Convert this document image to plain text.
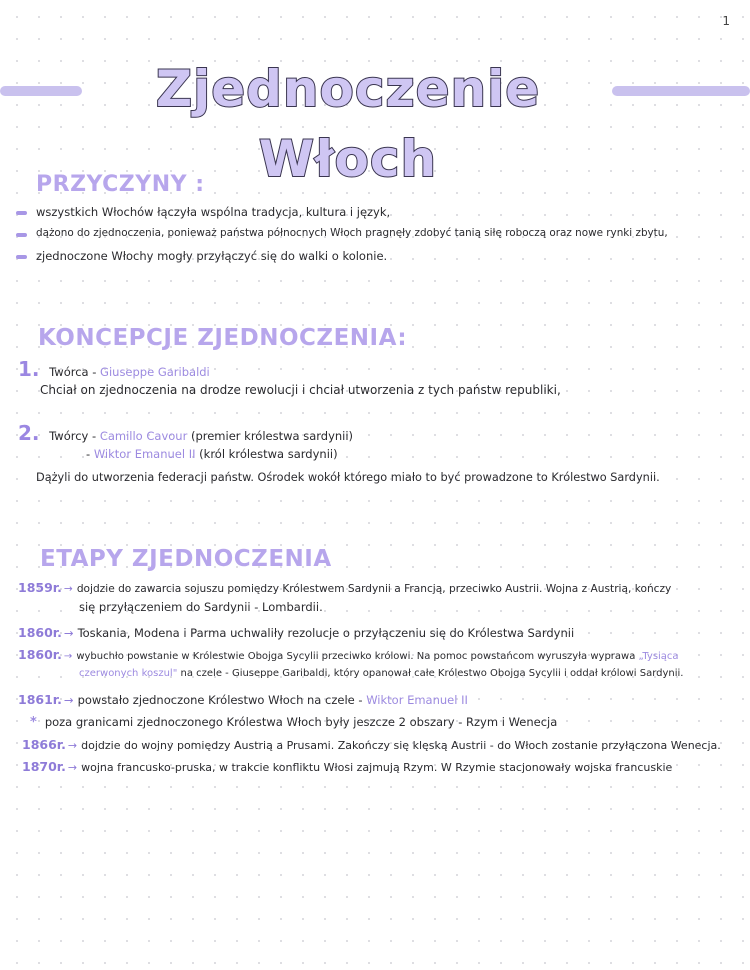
1
Zjednoczenie Włoch
PRZYCZYNY :
wszystkich Włochów łączyła wspólna tradycja, kultura i język,
dążono do zjednoczenia, ponieważ państwa północnych Włoch pragnęły zdobyć tanią siłę roboczą oraz nowe rynki zbytu,
zjednoczone Włochy mogły przyłączyć się do walki o kolonie.
KONCEPCJE ZJEDNOCZENIA:
1. Twórca - Giuseppe Garibaldi
Chciał on zjednoczenia na drodze rewolucji i chciał utworzenia z tych państw republiki,
2. Twórcy - Camillo Cavour (premier królestwa sardynii)
- Wiktor Emanuel II (król królestwa sardynii)
Dążyli do utworzenia federacji państw. Ośrodek wokół którego miało to być prowadzone to Królestwo Sardynii.
ETAPY ZJEDNOCZENIA
1859r. → dojdzie do zawarcia sojuszu pomiędzy Królestwem Sardynii a Francją, przeciwko Austrii. Wojna z Austrią, kończy
się przyłączeniem do Sardynii - Lombardii.
1860r. → Toskania, Modena i Parma uchwaliły rezolucje o przyłączeniu się do Królestwa Sardynii
1860r. → wybuchło powstanie w Królestwie Obojga Sycylii przeciwko królowi. Na pomoc powstańcom wyruszyła wyprawa „Tysiąca
czerwonych koszul" na czele - Giuseppe Garibaldi, który opanował całe Królestwo Obojga Sycylii i oddał królowi Sardynii.
1861r. → powstało zjednoczone Królestwo Włoch na czele - Wiktor Emanuel II
* poza granicami zjednoczonego Królestwa Włoch były jeszcze 2 obszary - Rzym i Wenecja
1866r. → dojdzie do wojny pomiędzy Austrią a Prusami. Zakończy się klęską Austrii - do Włoch zostanie przyłączona Wenecja.
1870r. → wojna francusko-pruska, w trakcie konfliktu Włosi zajmują Rzym. W Rzymie stacjonowały wojska francuskie
